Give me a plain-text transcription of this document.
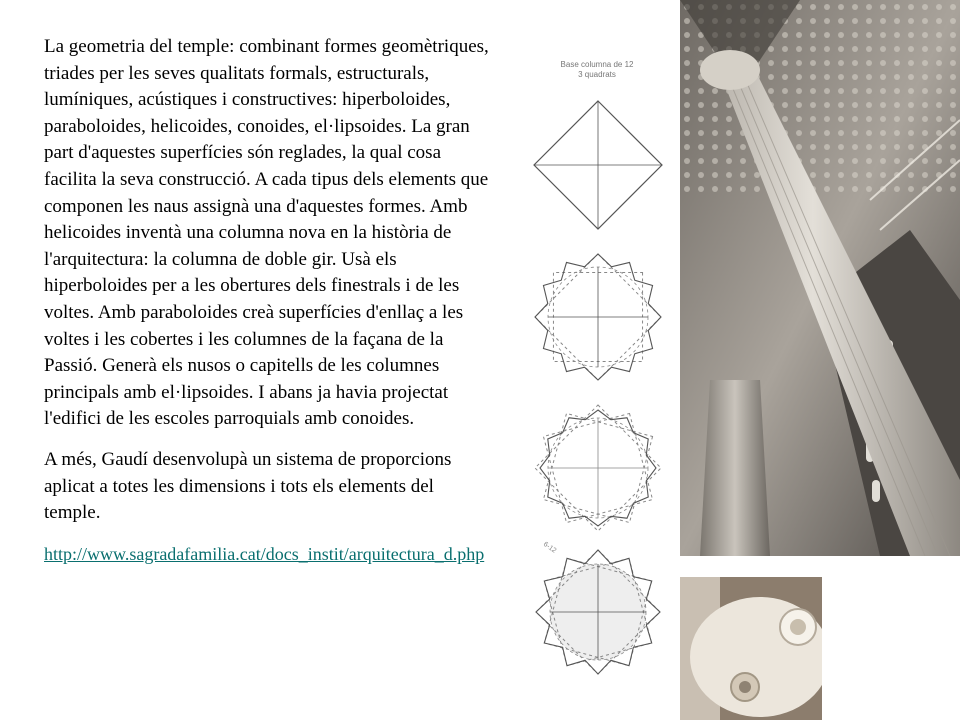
La geometria del temple: combinant formes geomètriques, triades per les seves qualitats formals, estructurals, lumíniques, acústiques i constructives: hiperboloides, paraboloides, helicoides, conoides, el·lipsoides. La gran part d'aquestes superfícies són reglades, la qual cosa facilita la seva construcció. A cada tipus dels elements que componen les naus assignà una d'aquestes formes. Amb helicoides inventà una columna nova en la història de l'arquitectura: la columna de doble gir. Usà els hiperboloides per a les obertures dels finestrals i de les voltes. Amb paraboloides creà superfícies d'enllaç a les voltes i les cobertes i les columnes de la façana de la Passió. Generà els nusos o capitells de les columnes principals amb el·lipsoides. I abans ja havia projectat l'edifici de les escoles parroquials amb conoides.

A més, Gaudí desenvolupà un sistema de proporcions aplicat a totes les dimensions i tots els elements del temple.

http://www.sagradafamilia.cat/docs_instit/arquitectura_d.php
Base columna de 12
3 quadrats
6-12
